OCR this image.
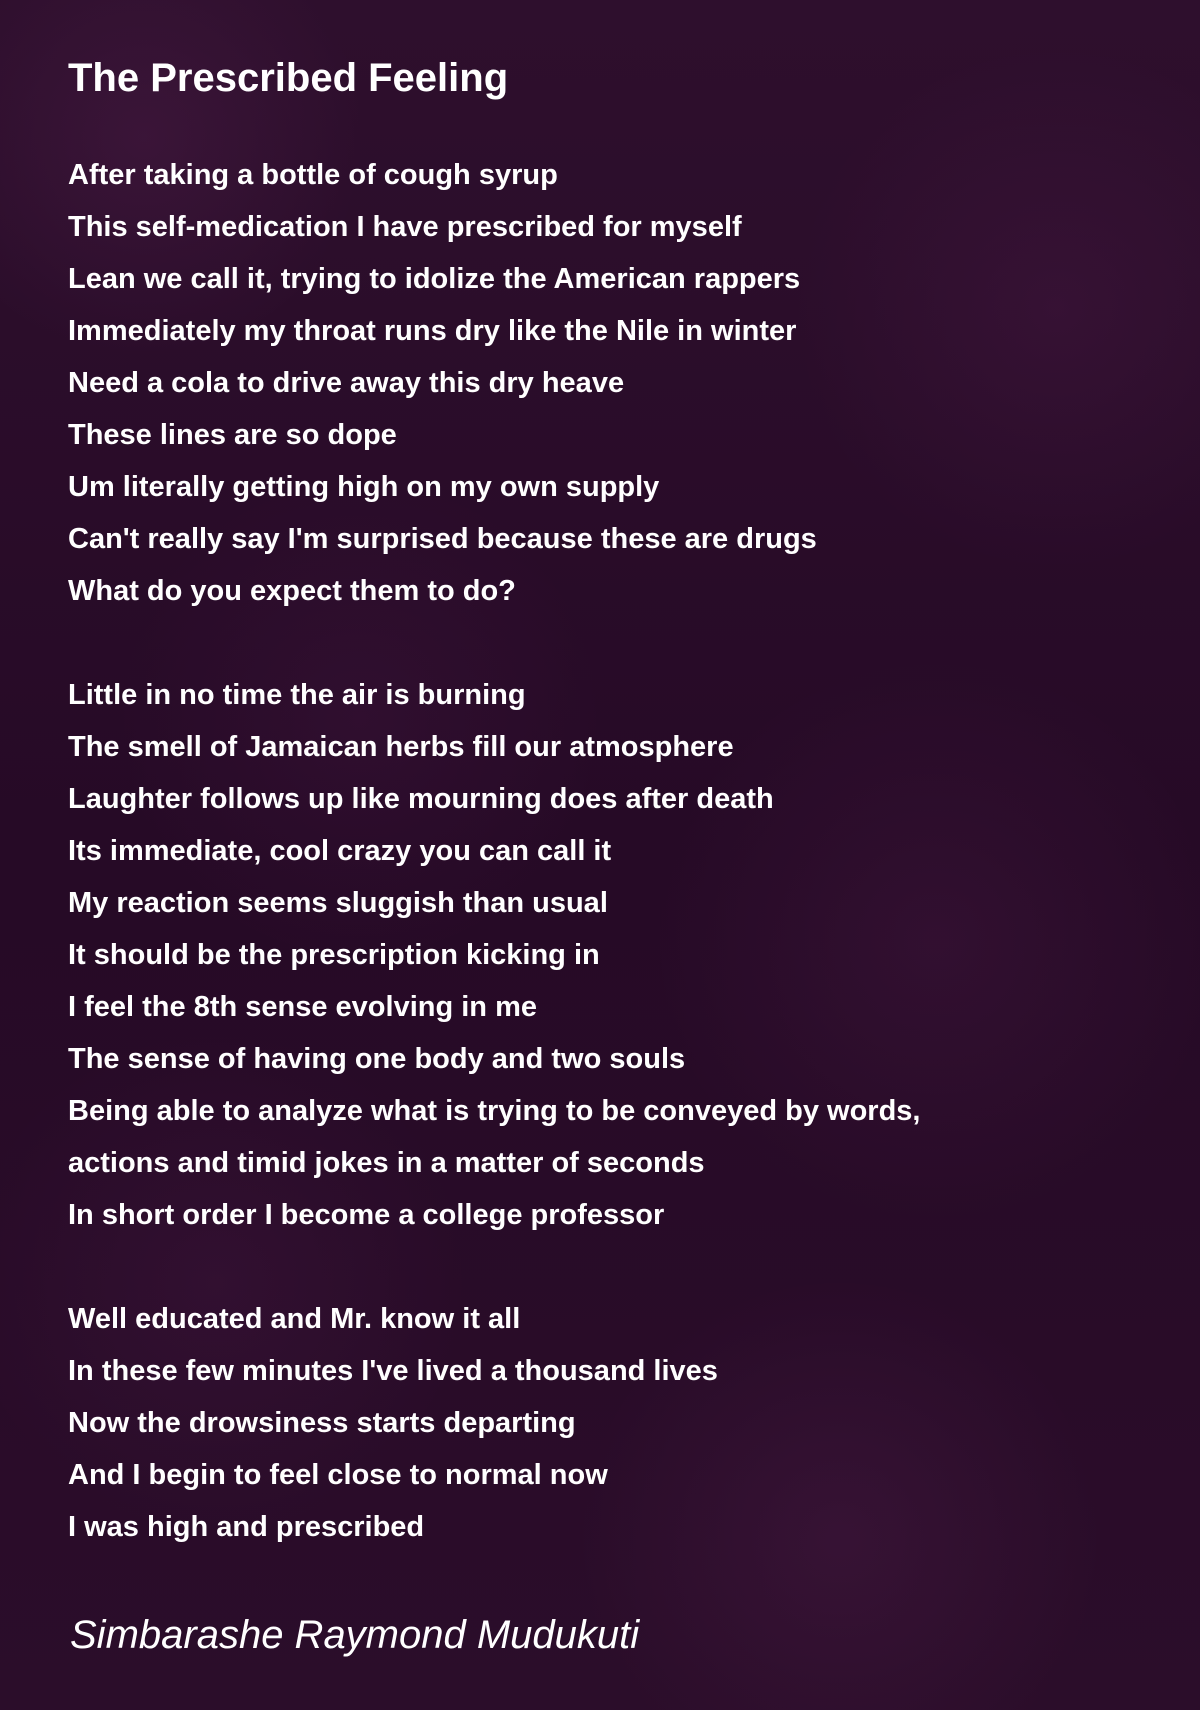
The Prescribed Feeling

After taking a bottle of cough syrup
This self-medication I have prescribed for myself
Lean we call it, trying to idolize the American rappers
Immediately my throat runs dry like the Nile in winter
Need a cola to drive away this dry heave
These lines are so dope
Um literally getting high on my own supply
Can't really say I'm surprised because these are drugs
What do you expect them to do?

Little in no time the air is burning
The smell of Jamaican herbs fill our atmosphere
Laughter follows up like mourning does after death
Its immediate, cool crazy you can call it
My reaction seems sluggish than usual
It should be the prescription kicking in
I feel the 8th sense evolving in me
The sense of having one body and two souls
Being able to analyze what is trying to be conveyed by words,
actions and timid jokes in a matter of seconds
In short order I become a college professor

Well educated and Mr. know it all
In these few minutes I've lived a thousand lives
Now the drowsiness starts departing
And I begin to feel close to normal now
I was high and prescribed

Simbarashe Raymond Mudukuti
